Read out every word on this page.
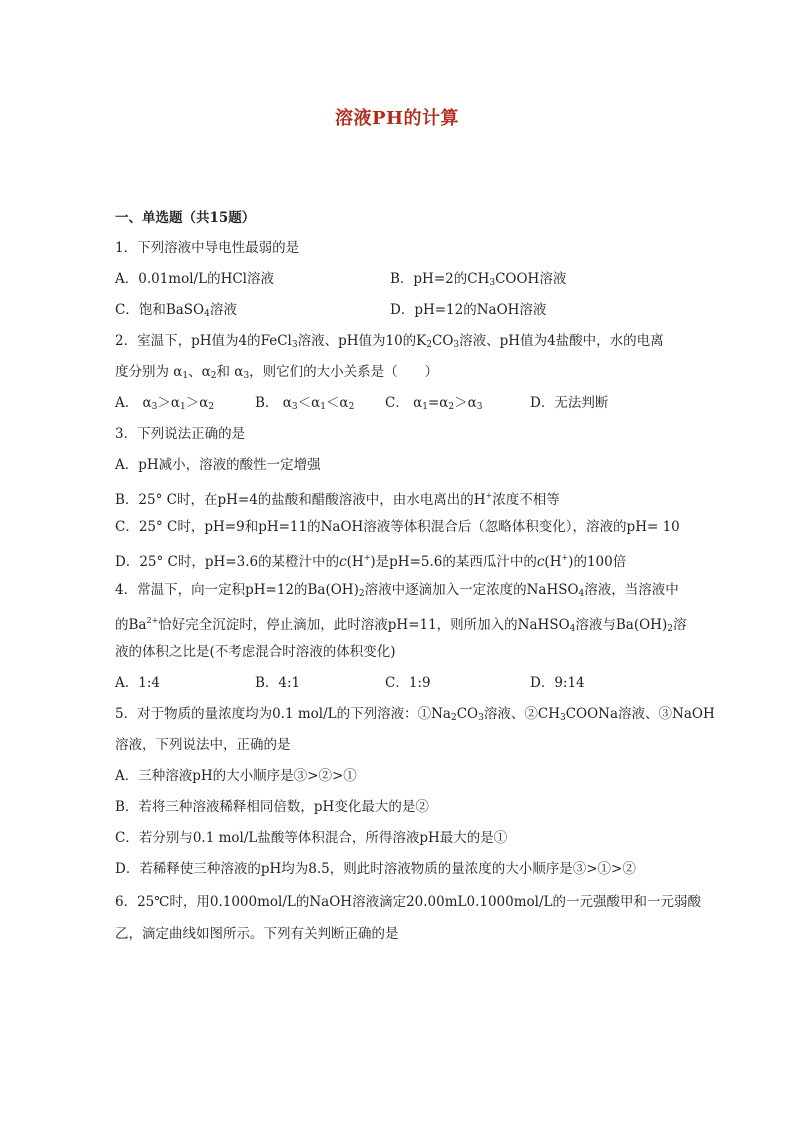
溶液PH的计算
一、单选题（共15题）
1．下列溶液中导电性最弱的是
A．0.01mol/L的HCl溶液	B．pH=2的$CH_3COOH$溶液
C．饱和BaSO$_4$溶液	D．pH=12的NaOH溶液
2．室温下，pH值为4的FeCl$_3$溶液、pH值为10的$K_2CO_3$溶液、pH值为4盐酸中，水的电离
度分别为 $\alpha_1$、$\alpha_2$和 $\alpha_3$，则它们的大小关系是（　　）
A． $\alpha_3>\alpha_1>\alpha_2$	B． $\alpha_3<\alpha_1<\alpha_2$ C． $\alpha_1=\alpha_2>\alpha_3$	D．无法判断
3．下列说法正确的是
A．pH减小，溶液的酸性一定增强
B．25° C时，在pH=4的盐酸和醋酸溶液中，由水电离出的H+浓度不相等
C．25° C时，pH=9和pH=11的NaOH溶液等体积混合后（忽略体积变化），溶液的pH= 10
D．25° C时，pH=3.6的某橙汁中的c(H+)是pH=5.6的某西瓜汁中的c(H+)的100倍
4．常温下，向一定积pH=12的$Ba(OH)_2$溶液中逐滴加入一定浓度的NaHSO$_4$溶液，当溶液中
的$Ba^{2+}$恰好完全沉淀时，停止滴加，此时溶液pH=11，则所加入的NaHSO$_4$溶液与$Ba(OH)_2$溶
液的体积之比是(不考虑混合时溶液的体积变化)
A．1:4	B．4:1	C．1:9	D．9:14
5．对于物质的量浓度均为0.1 mol/L的下列溶液：$①Na_2CO_3$溶液、$②CH_3COONa$溶液、③NaOH
溶液，下列说法中，正确的是
A．三种溶液pH的大小顺序是③>②>①
B．若将三种溶液稀释相同倍数，pH变化最大的是②
C．若分别与0.1 mol/L盐酸等体积混合，所得溶液pH最大的是①
D．若稀释使三种溶液的pH均为8.5，则此时溶液物质的量浓度的大小顺序是③>①>②
6．25℃时，用0.1000mol/L的NaOH溶液滴定20.00mL0.1000mol/L的一元强酸甲和一元弱酸
乙，滴定曲线如图所示。下列有关判断正确的是
